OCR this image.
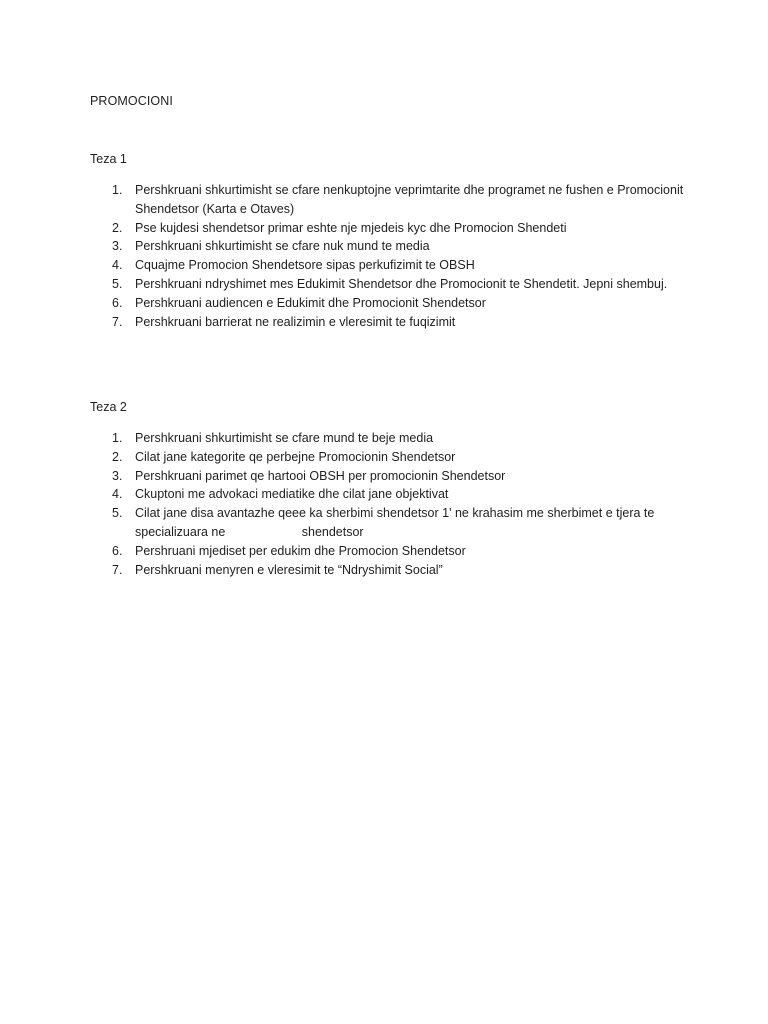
PROMOCIONI
Teza 1
1.	Pershkruani shkurtimisht se cfare nenkuptojne veprimtarite dhe programet ne fushen e Promocionit Shendetsor (Karta e Otaves)
2.	Pse kujdesi shendetsor primar eshte nje mjedeis kyc dhe Promocion Shendeti
3.	Pershkruani shkurtimisht se cfare nuk mund te media
4.	Cquajme Promocion Shendetsore sipas perkufizimit te OBSH
5.	Pershkruani ndryshimet mes Edukimit Shendetsor dhe Promocionit te Shendetit. Jepni shembuj.
6.	Pershkruani audiencen e Edukimit dhe Promocionit Shendetsor
7.	Pershkruani barrierat ne realizimin e vleresimit te fuqizimit
Teza 2
1.	Pershkruani shkurtimisht se cfare mund te beje media
2.	Cilat jane kategorite qe perbejne Promocionin Shendetsor
3.	Pershkruani parimet qe hartooi OBSH per promocionin Shendetsor
4.	Ckuptoni me advokaci mediatike dhe cilat jane objektivat
5.	Cilat jane disa avantazhe qeee ka sherbimi shendetsor 1' ne krahasim me sherbimet e tjera te specializuara ne                      shendetsor
6.	Pershruani mjediset per edukim dhe Promocion Shendetsor
7.	Pershkruani menyren e vleresimit te “Ndryshimit Social”
